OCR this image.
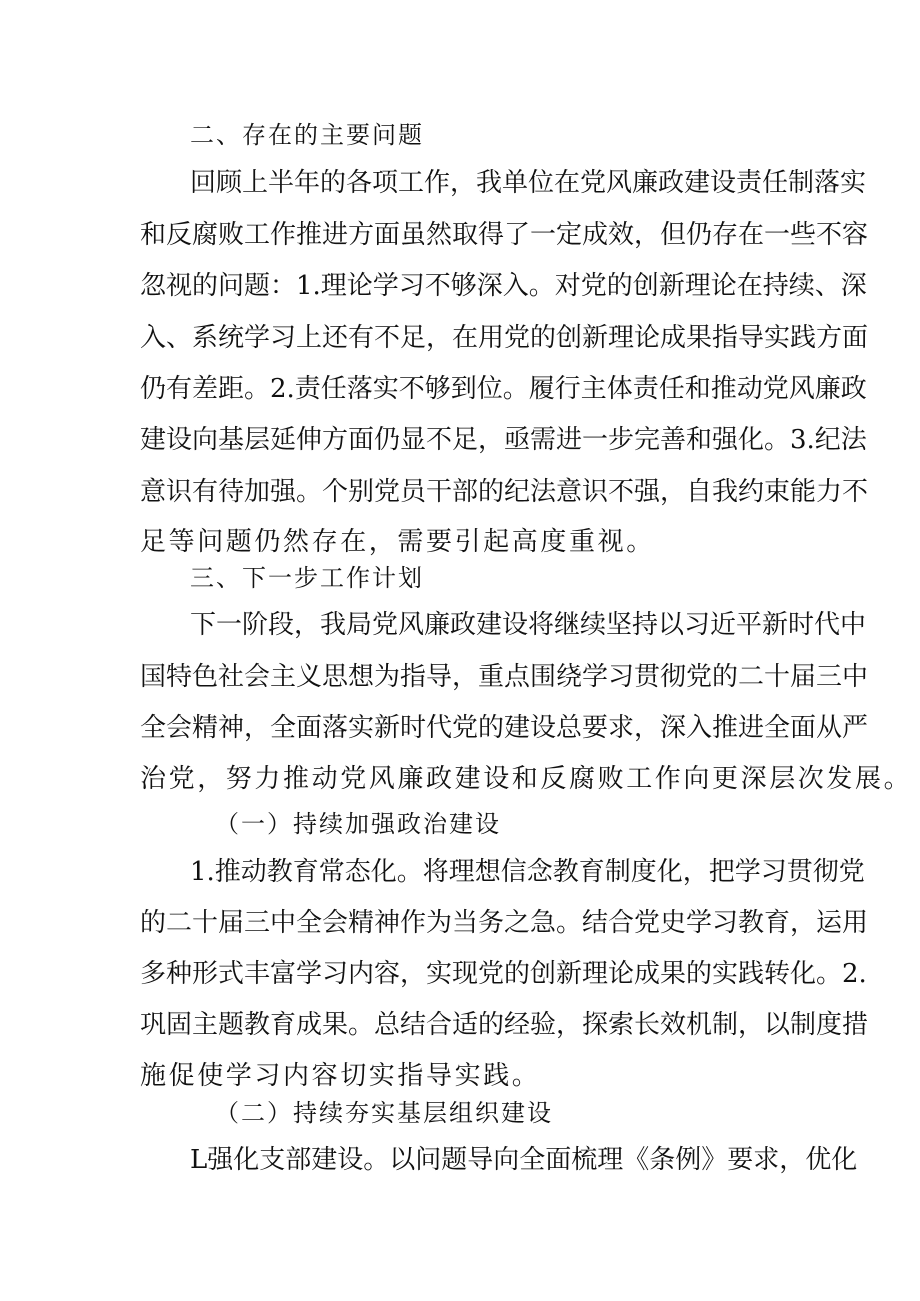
二、存在的主要问题
回顾上半年的各项工作，我单位在党风廉政建设责任制落实
和反腐败工作推进方面虽然取得了一定成效，但仍存在一些不容
忽视的问题：1.理论学习不够深入。对党的创新理论在持续、深
入、系统学习上还有不足，在用党的创新理论成果指导实践方面
仍有差距。2.责任落实不够到位。履行主体责任和推动党风廉政
建设向基层延伸方面仍显不足，亟需进一步完善和强化。3.纪法
意识有待加强。个别党员干部的纪法意识不强，自我约束能力不
足等问题仍然存在，需要引起高度重视。
三、下一步工作计划
下一阶段，我局党风廉政建设将继续坚持以习近平新时代中
国特色社会主义思想为指导，重点围绕学习贯彻党的二十届三中
全会精神，全面落实新时代党的建设总要求，深入推进全面从严
治党，努力推动党风廉政建设和反腐败工作向更深层次发展。
（一）持续加强政治建设
1.推动教育常态化。将理想信念教育制度化，把学习贯彻党
的二十届三中全会精神作为当务之急。结合党史学习教育，运用
多种形式丰富学习内容，实现党的创新理论成果的实践转化。2.
巩固主题教育成果。总结合适的经验，探索长效机制，以制度措
施促使学习内容切实指导实践。
（二）持续夯实基层组织建设
L强化支部建设。以问题导向全面梳理《条例》要求，优化
